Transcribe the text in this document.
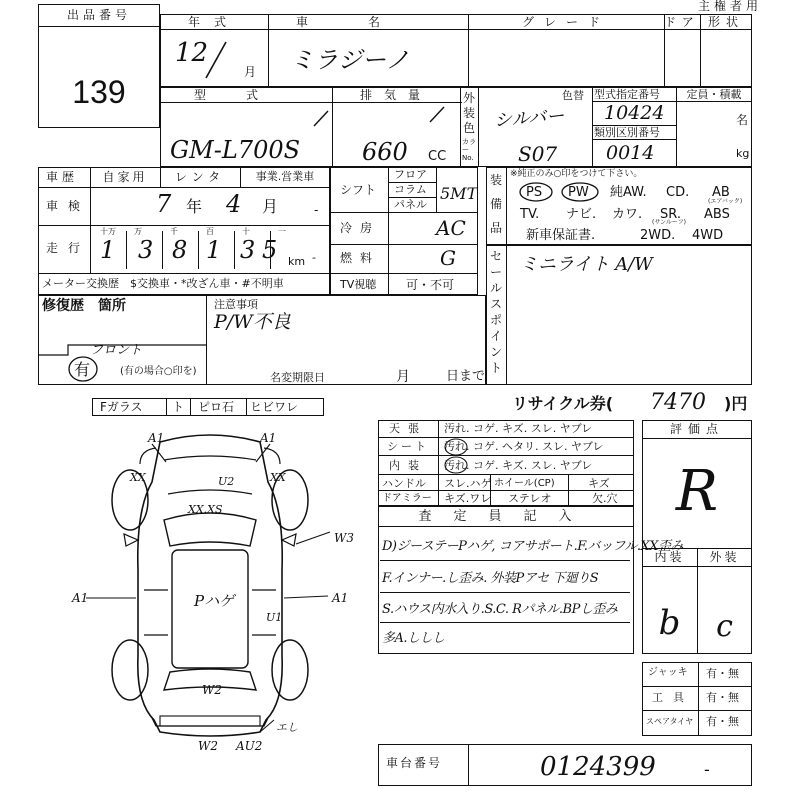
出品番号
139
主権者用
年式	車名	グレード	ドア 形状
12
月 ミラジーノ
型式	排気量
GM-L700S	660 CC
外
装
色
カラーNo.
色替
シルバー
S07
型式指定番号
10424
類別区別番号
0014
定員・積載
名
kg
車歴	自家用	レンタ	事業.営業車
車検	7 年 4 月	-
走行
十万 万	千	百	十	一
1 3 8 1 3 5 km -
メーター交換歴　$交換車・*改ざん車・#不明車
シフト
フロア
コラム
パネル
5MT
冷房	AC
燃料	G
TV視聴 可・不可
装
備
品
※純正のみ○印をつけて下さい。
PS PW 純AW. CD. AB
(エアバック)
TV. ナビ. カワ. SR.
(サンルーフ)
ABS
新車保証書.	2WD. 4WD
セ
ー
ル
ス
ポ
イ
ン
ト
ミニライト A/W
修復歴　箇所
フロント
有	(有の場合○印を)
注意事項
P/W不良
名変期限日	月	日まで
Fガラス ト ピロ石 ヒビワレ	リサイクル券( 7470 )円
A1	A1
XX	XX
U2
XX.XS
W3
A1	Pハゲ
U1
A1
W2
W2 AU2
エし
天張	汚れ. コゲ. キズ. スレ. ヤブレ
シート	汚れ. コゲ. ヘタリ. スレ. ヤブレ
内装	汚れ. コゲ. キズ. スレ. ヤブレ
ハンドル スレ.ハゲ ホイール(CP)	キズ
ドアミラー キズ.ワレ ステレオ	欠.穴
査定員記入
D)ジーステーPハゲ, コアサポート.F.バッフル.XX歪み
F.インナー.し歪み. 外装Pアセ 下廻りS
S.ハウス内水入り.S.C. Rパネル.BPし歪み
多A.ししし
評価点
R
内装	外装
b	c
ジャッキ 有・無
工具 有・無
スペアタイヤ 有・無
車台番号	0124399	-
